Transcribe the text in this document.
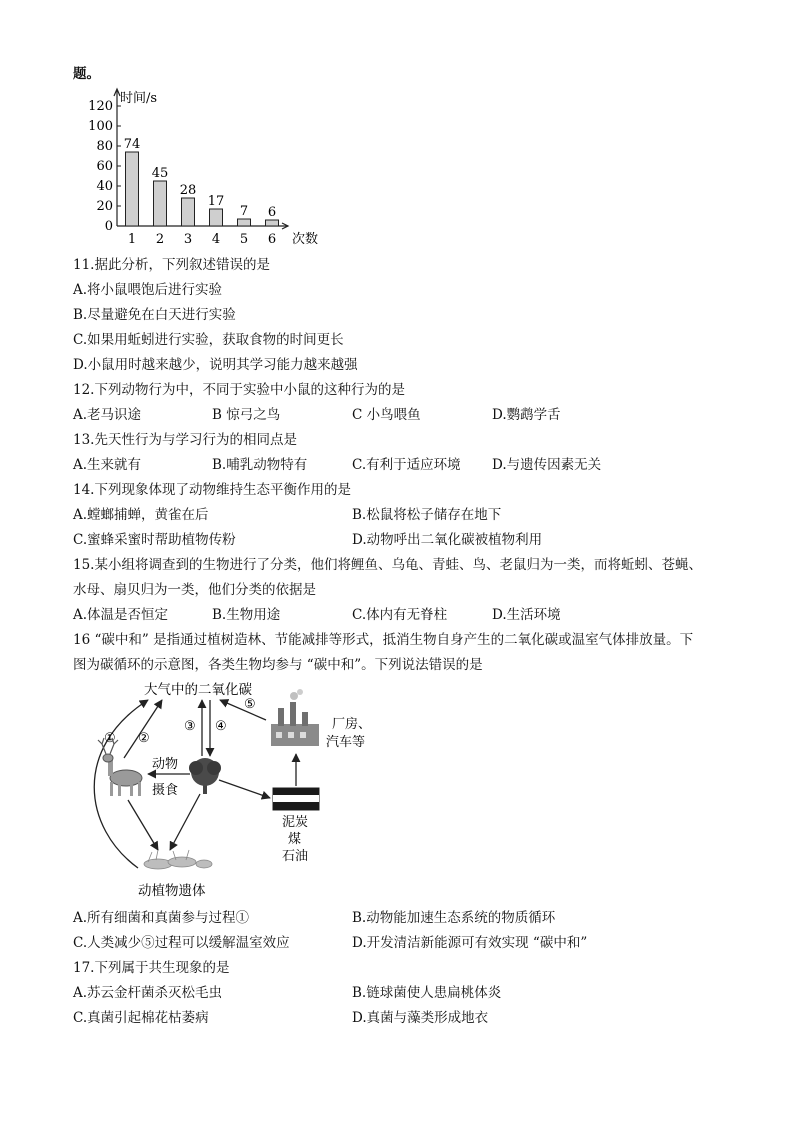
题。
0
20
40
60
80
100
120
74
1
45
2
28
3
17
4
7
5
6
6
时间/s
次数
11.据此分析，下列叙述错误的是
A.将小鼠喂饱后进行实验
B.尽量避免在白天进行实验
C.如果用蚯蚓进行实验，获取食物的时间更长
D.小鼠用时越来越少，说明其学习能力越来越强
12.下列动物行为中，不同于实验中小鼠的这种行为的是
A.老马识途	B 惊弓之鸟	C 小鸟喂鱼	D.鹦鹉学舌
13.先天性行为与学习行为的相同点是
A.生来就有	B.哺乳动物特有	C.有利于适应环境 D.与遗传因素无关
14.下列现象体现了动物维持生态平衡作用的是
A.螳螂捕蝉，黄雀在后	B.松鼠将松子储存在地下
C.蜜蜂采蜜时帮助植物传粉	D.动物呼出二氧化碳被植物利用
15.某小组将调查到的生物进行了分类，他们将鲤鱼、乌龟、青蛙、鸟、老鼠归为一类，而将蚯蚓、苍蝇、
水母、扇贝归为一类，他们分类的依据是
A.体温是否恒定	B.生物用途	C.体内有无脊柱	D.生活环境
16 “碳中和” 是指通过植树造林、节能减排等形式，抵消生物自身产生的二氧化碳或温室气体排放量。下
图为碳循环的示意图，各类生物均参与 “碳中和”。下列说法错误的是
大气中的二氧化碳
① ②
③ ④
⑤
厂房、
汽车等
动物
摄食
泥炭
煤
石油
动植物遗体
A.所有细菌和真菌参与过程①	B.动物能加速生态系统的物质循环
C.人类减少⑤过程可以缓解温室效应	D.开发清洁新能源可有效实现 “碳中和”
17.下列属于共生现象的是
A.苏云金杆菌杀灭松毛虫	B.链球菌使人患扁桃体炎
C.真菌引起棉花枯萎病	D.真菌与藻类形成地衣
